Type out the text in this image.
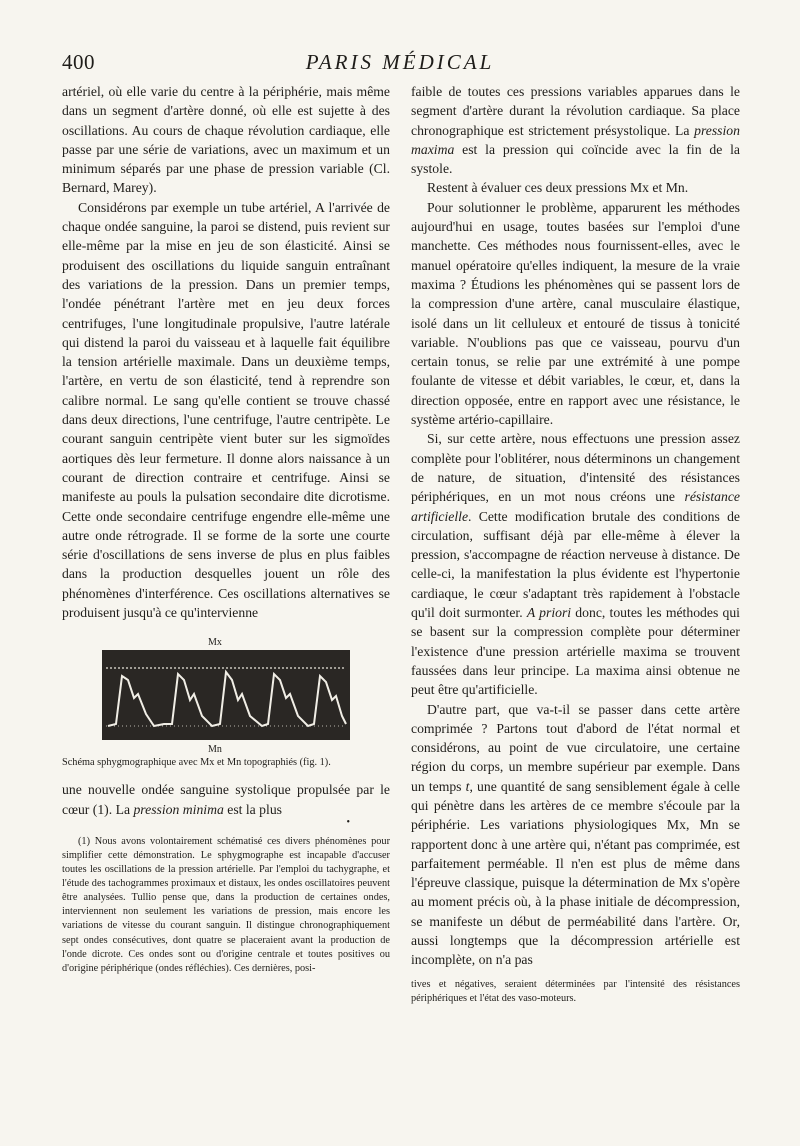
400	PARIS MÉDICAL

artériel, où elle varie du centre à la périphérie, mais même dans un segment d'artère donné, où elle est sujette à des oscillations. Au cours de chaque révolution cardiaque, elle passe par une série de variations, avec un maximum et un minimum séparés par une phase de pression variable (Cl. Bernard, Marey).

Considérons par exemple un tube artériel, A l'arrivée de chaque ondée sanguine, la paroi se distend, puis revient sur elle-même par la mise en jeu de son élasticité. Ainsi se produisent des oscillations du liquide sanguin entraînant des variations de la pression. Dans un premier temps, l'ondée pénétrant l'artère met en jeu deux forces centrifuges, l'une longitudinale propulsive, l'autre latérale qui distend la paroi du vaisseau et à laquelle fait équilibre la tension artérielle maximale. Dans un deuxième temps, l'artère, en vertu de son élasticité, tend à reprendre son calibre normal. Le sang qu'elle contient se trouve chassé dans deux directions, l'une centrifuge, l'autre centripète. Le courant sanguin centripète vient buter sur les sigmoïdes aortiques dès leur fermeture. Il donne alors naissance à un courant de direction contraire et centrifuge. Ainsi se manifeste au pouls la pulsation secondaire dite dicrotisme. Cette onde secondaire centrifuge engendre elle-même une autre onde rétrograde. Il se forme de la sorte une courte série d'oscillations de sens inverse de plus en plus faibles dans la production desquelles jouent un rôle des phénomènes d'interférence. Ces oscillations alternatives se produisent jusqu'à ce qu'intervienne

Mx
Mn
Schéma sphygmographique avec Mx et Mn topographiés (fig. 1).

une nouvelle ondée sanguine systolique propulsée par le cœur (1). La pression minima est la plus

•
(1) Nous avons volontairement schématisé ces divers phénomènes pour simplifier cette démonstration. Le sphygmographe est incapable d'accuser toutes les oscillations de la pression artérielle. Par l'emploi du tachygraphe, et l'étude des tachogrammes proximaux et distaux, les ondes oscillatoires peuvent être analysées. Tullio pense que, dans la production de certaines ondes, interviennent non seulement les variations de pression, mais encore les variations de vitesse du courant sanguin. Il distingue chronographiquement sept ondes consécutives, dont quatre se placeraient avant la production de l'onde dicrote. Ces ondes sont ou d'origine centrale et toutes positives ou d'origine périphérique (ondes réfléchies). Ces dernières, posi-

faible de toutes ces pressions variables apparues dans le segment d'artère durant la révolution cardiaque. Sa place chronographique est strictement présystolique. La pression maxima est la pression qui coïncide avec la fin de la systole.

Restent à évaluer ces deux pressions Mx et Mn.

Pour solutionner le problème, apparurent les méthodes aujourd'hui en usage, toutes basées sur l'emploi d'une manchette. Ces méthodes nous fournissent-elles, avec le manuel opératoire qu'elles indiquent, la mesure de la vraie maxima ? Étudions les phénomènes qui se passent lors de la compression d'une artère, canal musculaire élastique, isolé dans un lit celluleux et entouré de tissus à tonicité variable. N'oublions pas que ce vaisseau, pourvu d'un certain tonus, se relie par une extrémité à une pompe foulante de vitesse et débit variables, le cœur, et, dans la direction opposée, entre en rapport avec une résistance, le système artério-capillaire.

Si, sur cette artère, nous effectuons une pression assez complète pour l'oblitérer, nous déterminons un changement de nature, de situation, d'intensité des résistances périphériques, en un mot nous créons une résistance artificielle. Cette modification brutale des conditions de circulation, suffisant déjà par elle-même à élever la pression, s'accompagne de réaction nerveuse à distance. De celle-ci, la manifestation la plus évidente est l'hypertonie cardiaque, le cœur s'adaptant très rapidement à l'obstacle qu'il doit surmonter. A priori donc, toutes les méthodes qui se basent sur la compression complète pour déterminer l'existence d'une pression artérielle maxima se trouvent faussées dans leur principe. La maxima ainsi obtenue ne peut être qu'artificielle.

D'autre part, que va-t-il se passer dans cette artère comprimée ? Partons tout d'abord de l'état normal et considérons, au point de vue circulatoire, une certaine région du corps, un membre supérieur par exemple. Dans un temps t, une quantité de sang sensiblement égale à celle qui pénètre dans les artères de ce membre s'écoule par la périphérie. Les variations physiologiques Mx, Mn se rapportent donc à une artère qui, n'étant pas comprimée, est parfaitement perméable. Il n'en est plus de même dans l'épreuve classique, puisque la détermination de Mx s'opère au moment précis où, à la phase initiale de décompression, se manifeste un début de perméabilité dans l'artère. Or, aussi longtemps que la décompression artérielle est incomplète, on n'a pas

tives et négatives, seraient déterminées par l'intensité des résistances périphériques et l'état des vaso-moteurs.
